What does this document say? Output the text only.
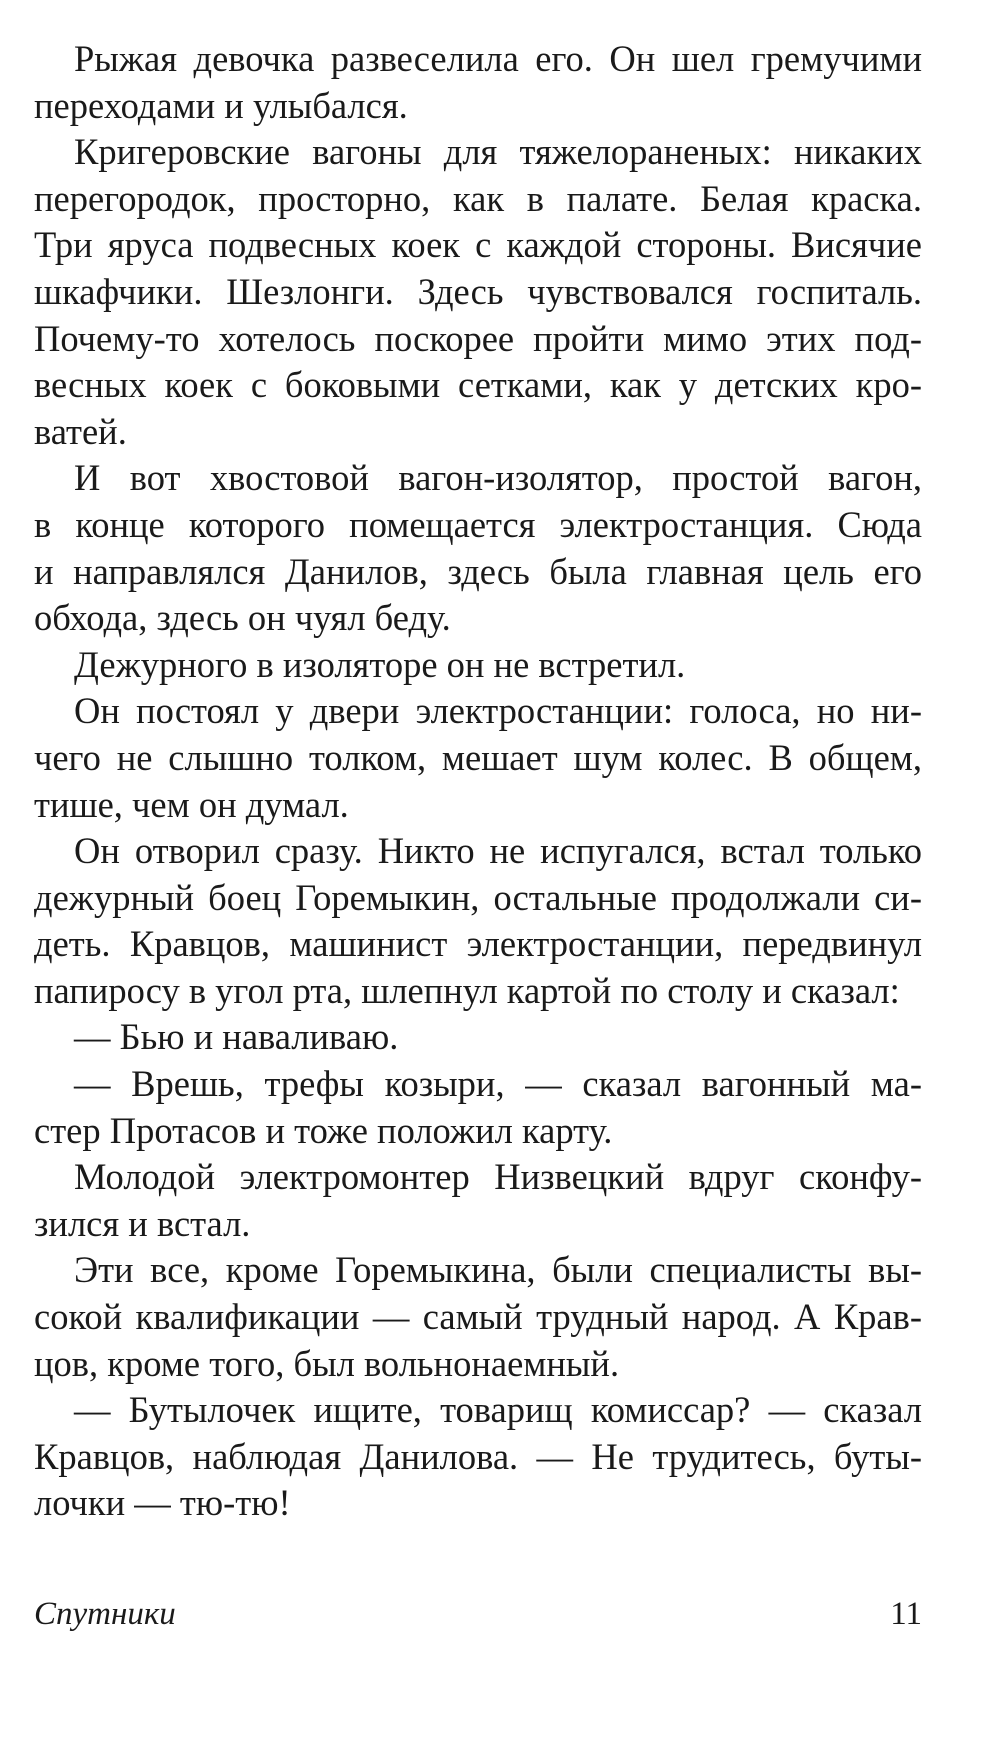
Рыжая девочка развеселила его. Он шел гремучими
переходами и улыбался.
Кригеровские вагоны для тяжелораненых: никаких
перегородок, просторно, как в палате. Белая краска.
Три яруса подвесных коек с каждой стороны. Висячие
шкафчики. Шезлонги. Здесь чувствовался госпиталь.
Почему-то хотелось поскорее пройти мимо этих под-
весных коек с боковыми сетками, как у детских кро-
ватей.
И вот хвостовой вагон-изолятор, простой вагон,
в конце которого помещается электростанция. Сюда
и направлялся Данилов, здесь была главная цель его
обхода, здесь он чуял беду.
Дежурного в изоляторе он не встретил.
Он постоял у двери электростанции: голоса, но ни-
чего не слышно толком, мешает шум колес. В общем,
тише, чем он думал.
Он отворил сразу. Никто не испугался, встал только
дежурный боец Горемыкин, остальные продолжали си-
деть. Кравцов, машинист электростанции, передвинул
папиросу в угол рта, шлепнул картой по столу и сказал:
— Бью и наваливаю.
— Врешь, трефы козыри, — сказал вагонный ма-
стер Протасов и тоже положил карту.
Молодой электромонтер Низвецкий вдруг сконфу-
зился и встал.
Эти все, кроме Горемыкина, были специалисты вы-
сокой квалификации — самый трудный народ. А Крав-
цов, кроме того, был вольнонаемный.
— Бутылочек ищите, товарищ комиссар? — сказал
Кравцов, наблюдая Данилова. — Не трудитесь, буты-
лочки — тю-тю!
Спутники	11
